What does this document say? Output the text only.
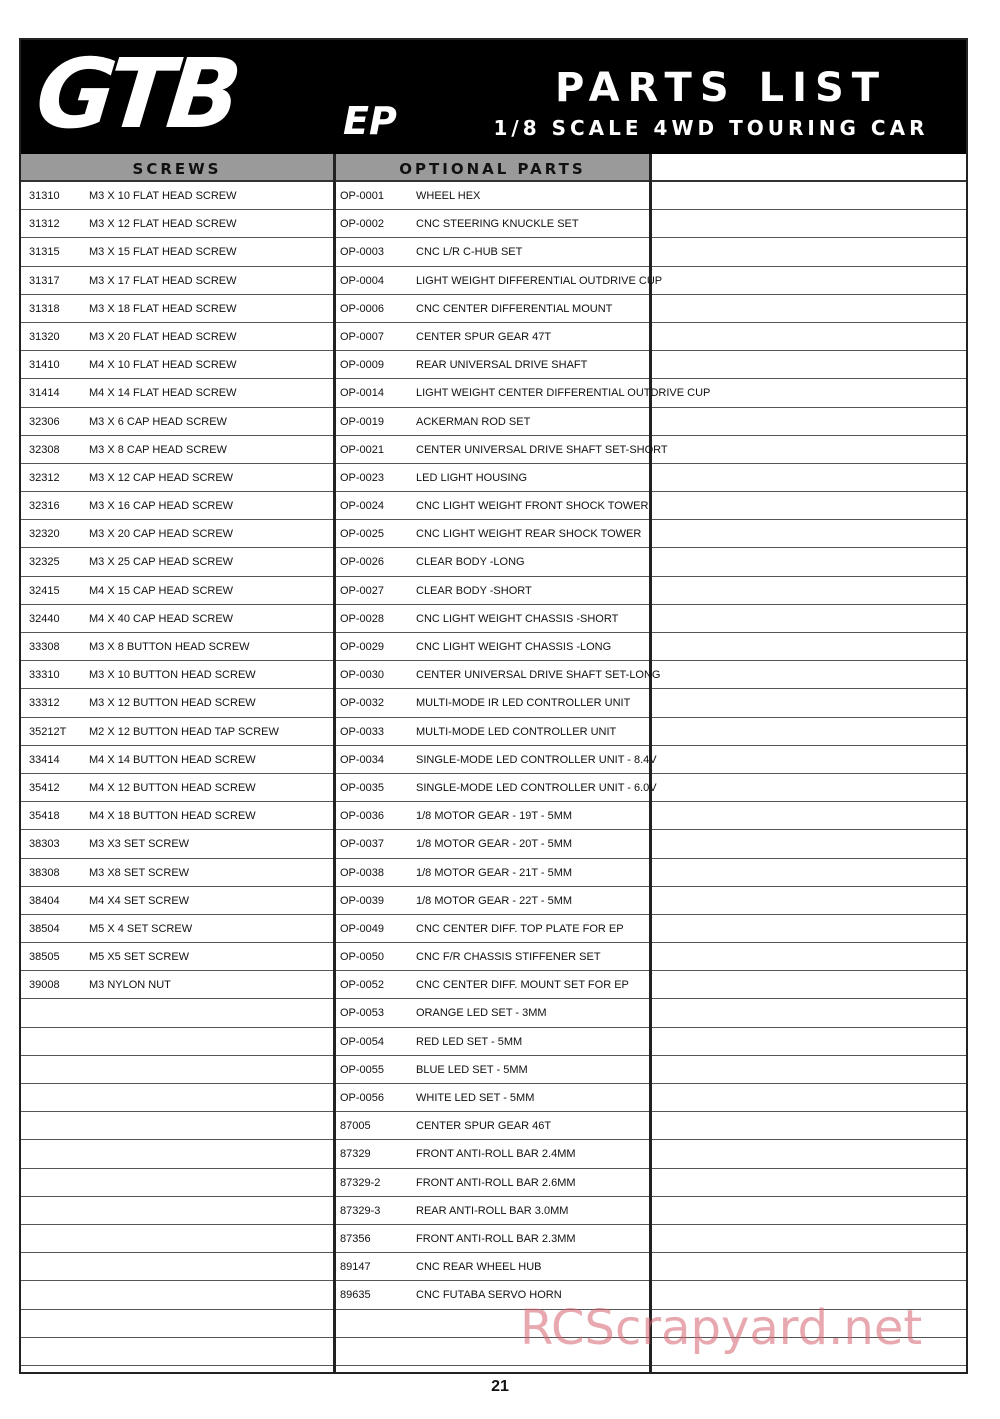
GTB	EP
PARTS LIST
1/8 SCALE 4WD TOURING CAR
SCREWS
31310	M3 X 10 FLAT HEAD SCREW
31312	M3 X 12 FLAT HEAD SCREW
31315	M3 X 15 FLAT HEAD SCREW
31317	M3 X 17 FLAT HEAD SCREW
31318	M3 X 18 FLAT HEAD SCREW
31320	M3 X 20 FLAT HEAD SCREW
31410	M4 X 10 FLAT HEAD SCREW
31414	M4 X 14 FLAT HEAD SCREW
32306	M3 X 6 CAP HEAD SCREW
32308	M3 X 8 CAP HEAD SCREW
32312	M3 X 12 CAP HEAD SCREW
32316	M3 X 16 CAP HEAD SCREW
32320	M3 X 20 CAP HEAD SCREW
32325	M3 X 25 CAP HEAD SCREW
32415	M4 X 15 CAP HEAD SCREW
32440	M4 X 40 CAP HEAD SCREW
33308	M3 X 8 BUTTON HEAD SCREW
33310	M3 X 10 BUTTON HEAD SCREW
33312	M3 X 12 BUTTON HEAD SCREW
35212T M2 X 12 BUTTON HEAD TAP SCREW
33414	M4 X 14 BUTTON HEAD SCREW
35412	M4 X 12 BUTTON HEAD SCREW
35418	M4 X 18 BUTTON HEAD SCREW
38303	M3 X3 SET SCREW
38308	M3 X8 SET SCREW
38404	M4 X4 SET SCREW
38504	M5 X 4 SET SCREW
38505	M5 X5 SET SCREW
39008	M3 NYLON NUT
OPTIONAL PARTS
OP-0001	WHEEL HEX
OP-0002	CNC STEERING KNUCKLE SET
OP-0003	CNC L/R C-HUB SET
OP-0004	LIGHT WEIGHT DIFFERENTIAL OUTDRIVE CUP
OP-0006	CNC CENTER DIFFERENTIAL MOUNT
OP-0007	CENTER SPUR GEAR 47T
OP-0009	REAR UNIVERSAL DRIVE SHAFT
OP-0014	LIGHT WEIGHT CENTER DIFFERENTIAL OUTDRIVE CUP
OP-0019	ACKERMAN ROD SET
OP-0021	CENTER UNIVERSAL DRIVE SHAFT SET-SHORT
OP-0023	LED LIGHT HOUSING
OP-0024	CNC LIGHT WEIGHT FRONT SHOCK TOWER
OP-0025	CNC LIGHT WEIGHT REAR SHOCK TOWER
OP-0026	CLEAR BODY -LONG
OP-0027	CLEAR BODY -SHORT
OP-0028	CNC LIGHT WEIGHT CHASSIS -SHORT
OP-0029	CNC LIGHT WEIGHT CHASSIS -LONG
OP-0030	CENTER UNIVERSAL DRIVE SHAFT SET-LONG
OP-0032	MULTI-MODE IR LED CONTROLLER UNIT
OP-0033	MULTI-MODE LED CONTROLLER UNIT
OP-0034	SINGLE-MODE LED CONTROLLER UNIT - 8.4V
OP-0035	SINGLE-MODE LED CONTROLLER UNIT - 6.0V
OP-0036	1/8 MOTOR GEAR - 19T - 5MM
OP-0037	1/8 MOTOR GEAR - 20T - 5MM
OP-0038	1/8 MOTOR GEAR - 21T - 5MM
OP-0039	1/8 MOTOR GEAR - 22T - 5MM
OP-0049	CNC CENTER DIFF. TOP PLATE FOR EP
OP-0050	CNC F/R CHASSIS STIFFENER SET
OP-0052	CNC CENTER DIFF. MOUNT SET FOR EP
OP-0053	ORANGE LED SET - 3MM
OP-0054	RED LED SET - 5MM
OP-0055	BLUE LED SET - 5MM
OP-0056	WHITE LED SET - 5MM
87005	CENTER SPUR GEAR 46T
87329	FRONT ANTI-ROLL BAR 2.4MM
87329-2	FRONT ANTI-ROLL BAR 2.6MM
87329-3	REAR ANTI-ROLL BAR 3.0MM
87356	FRONT ANTI-ROLL BAR 2.3MM
89147	CNC REAR WHEEL HUB
89635	CNC FUTABA SERVO HORN
RCScrapyard.net
21
